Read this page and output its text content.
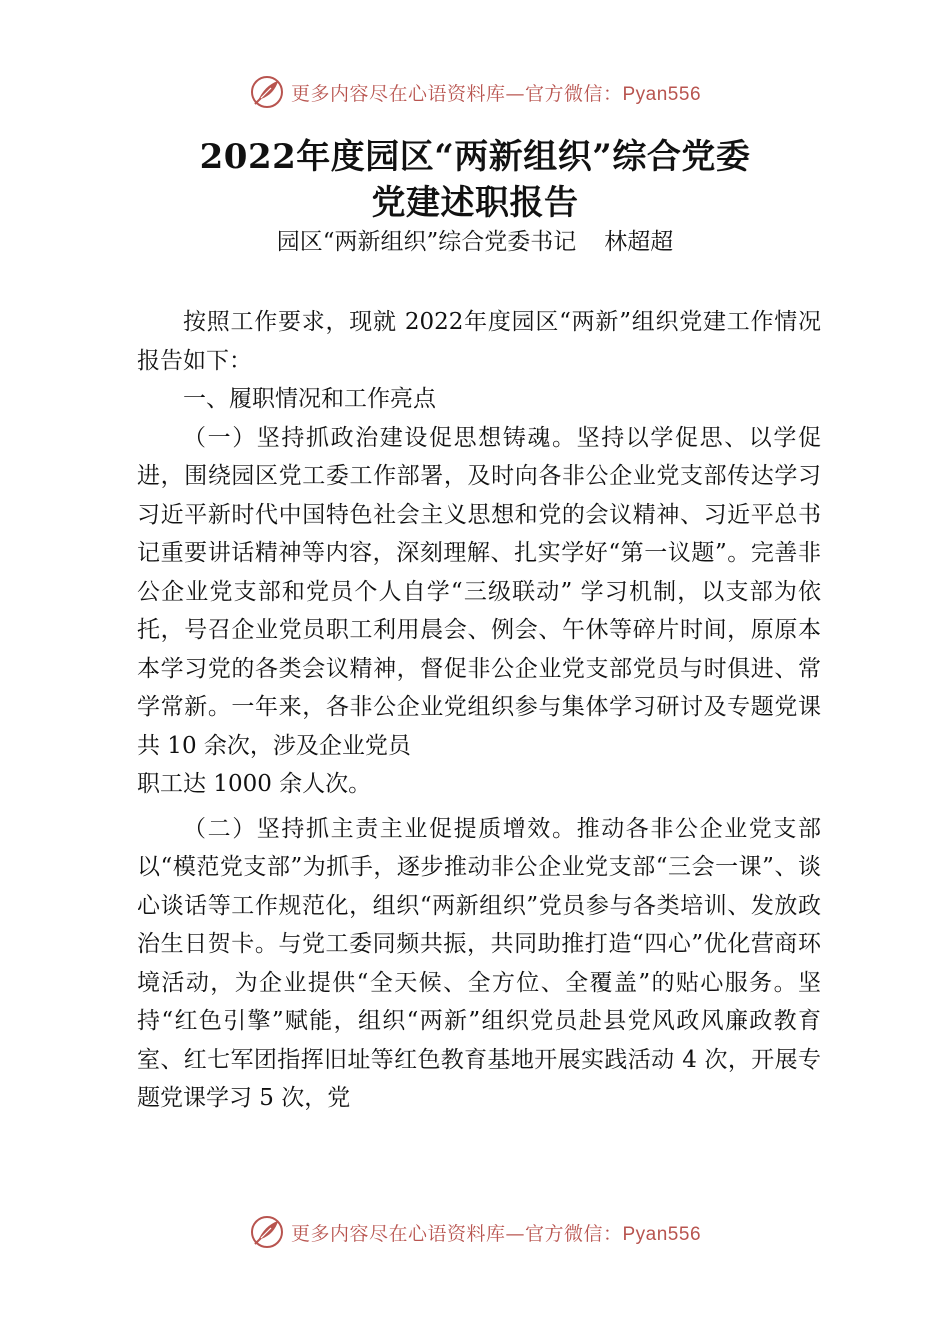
更多内容尽在心语资料库—官方微信：Pyan556
2022年度园区“两新组织”综合党委
党建述职报告
园区“两新组织”综合党委书记 林超超

按照工作要求，现就 2022年度园区“两新”组织党建工作情况报告如下：

一、履职情况和工作亮点

（一）坚持抓政治建设促思想铸魂。坚持以学促思、以学促进，围绕园区党工委工作部署，及时向各非公企业党支部传达学习习近平新时代中国特色社会主义思想和党的会议精神、习近平总书记重要讲话精神等内容，深刻理解、扎实学好“第一议题”。完善非公企业党支部和党员个人自学“三级联动” 学习机制，以支部为依托，号召企业党员职工利用晨会、例会、午休等碎片时间，原原本本学习党的各类会议精神，督促非公企业党支部党员与时俱进、常学常新。一年来，各非公企业党组织参与集体学习研讨及专题党课共 10 余次，涉及企业党员

职工达 1000 余人次。

（二）坚持抓主责主业促提质增效。推动各非公企业党支部以“模范党支部”为抓手，逐步推动非公企业党支部“三会一课”、谈心谈话等工作规范化，组织“两新组织”党员参与各类培训、发放政治生日贺卡。与党工委同频共振，共同助推打造“四心”优化营商环境活动，为企业提供“全天候、全方位、全覆盖”的贴心服务。坚持“红色引擎”赋能，组织“两新”组织党员赴县党风政风廉政教育室、红七军团指挥旧址等红色教育基地开展实践活动 4 次，开展专题党课学习 5 次，党

更多内容尽在心语资料库—官方微信：Pyan556
